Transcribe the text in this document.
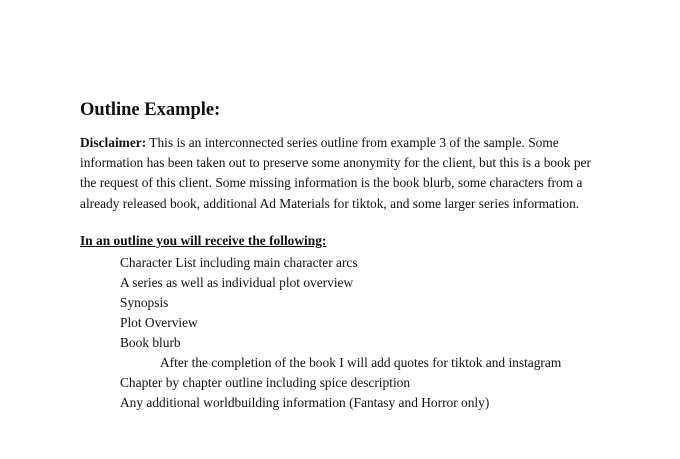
Outline Example:

Disclaimer: This is an interconnected series outline from example 3 of the sample. Some information has been taken out to preserve some anonymity for the client, but this is a book per the request of this client. Some missing information is the book blurb, some characters from a already released book, additional Ad Materials for tiktok, and some larger series information.

In an outline you will receive the following:

Character List including main character arcs
A series as well as individual plot overview
Synopsis
Plot Overview
Book blurb
After the completion of the book I will add quotes for tiktok and instagram
Chapter by chapter outline including spice description
Any additional worldbuilding information (Fantasy and Horror only)
